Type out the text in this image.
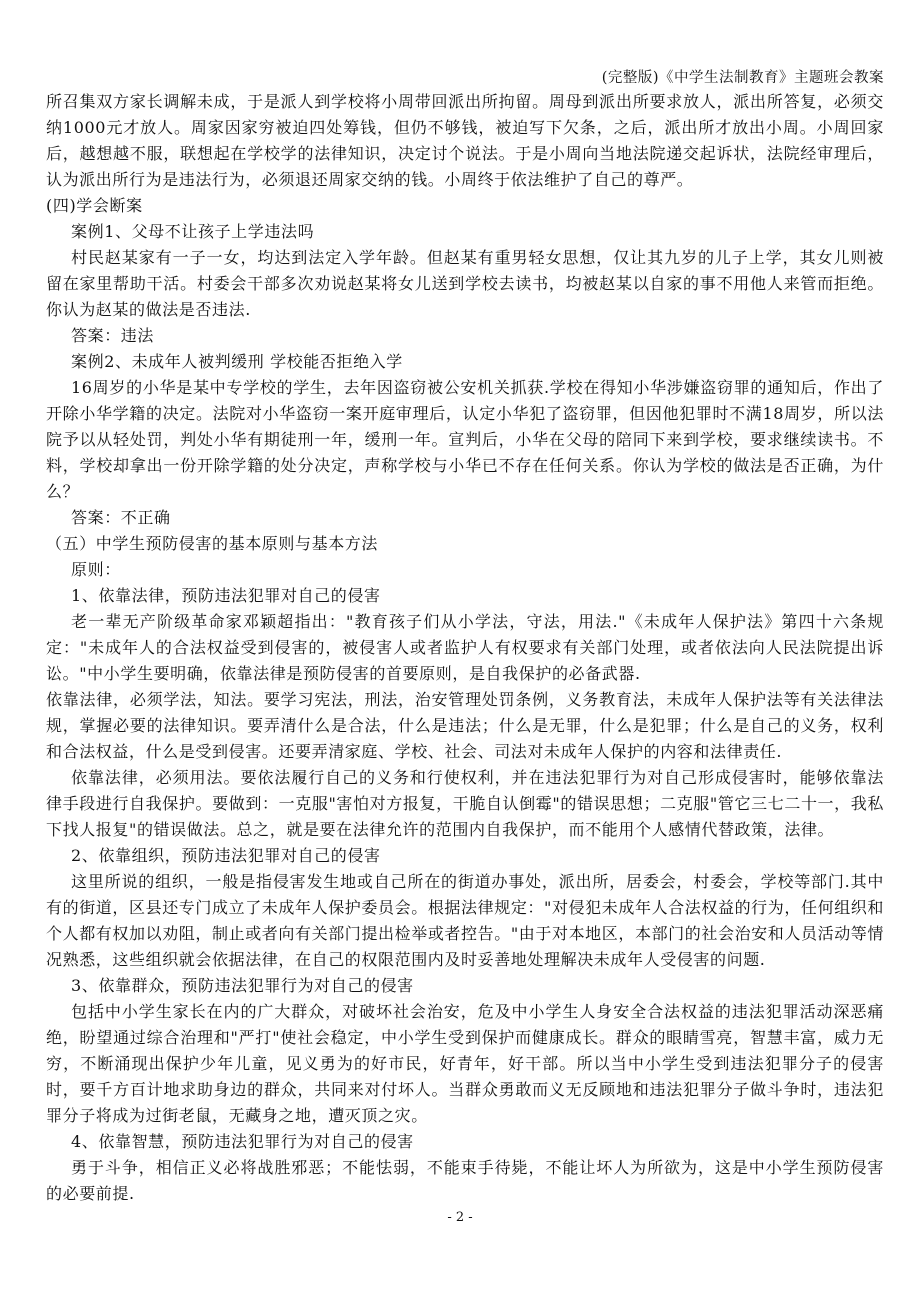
(完整版)《中学生法制教育》主题班会教案

所召集双方家长调解未成，于是派人到学校将小周带回派出所拘留。周母到派出所要求放人，派出所答复，必须交纳1000元才放人。周家因家穷被迫四处筹钱，但仍不够钱，被迫写下欠条，之后，派出所才放出小周。小周回家后，越想越不服，联想起在学校学的法律知识，决定讨个说法。于是小周向当地法院递交起诉状，法院经审理后，认为派出所行为是违法行为，必须退还周家交纳的钱。小周终于依法维护了自己的尊严。

(四)学会断案

案例1、父母不让孩子上学违法吗

村民赵某家有一子一女，均达到法定入学年龄。但赵某有重男轻女思想，仅让其九岁的儿子上学，其女儿则被留在家里帮助干活。村委会干部多次劝说赵某将女儿送到学校去读书，均被赵某以自家的事不用他人来管而拒绝。你认为赵某的做法是否违法.

答案：违法

案例2、未成年人被判缓刑 学校能否拒绝入学

16周岁的小华是某中专学校的学生，去年因盗窃被公安机关抓获.学校在得知小华涉嫌盗窃罪的通知后，作出了开除小华学籍的决定。法院对小华盗窃一案开庭审理后，认定小华犯了盗窃罪，但因他犯罪时不满18周岁，所以法院予以从轻处罚，判处小华有期徒刑一年，缓刑一年。宣判后，小华在父母的陪同下来到学校，要求继续读书。不料，学校却拿出一份开除学籍的处分决定，声称学校与小华已不存在任何关系。你认为学校的做法是否正确，为什么？

答案：不正确

（五）中学生预防侵害的基本原则与基本方法

原则：

1、依靠法律，预防违法犯罪对自己的侵害

老一辈无产阶级革命家邓颖超指出："教育孩子们从小学法，守法，用法."《未成年人保护法》第四十六条规定："未成年人的合法权益受到侵害的，被侵害人或者监护人有权要求有关部门处理，或者依法向人民法院提出诉讼。"中小学生要明确，依靠法律是预防侵害的首要原则，是自我保护的必备武器.

依靠法律，必须学法，知法。要学习宪法，刑法，治安管理处罚条例，义务教育法，未成年人保护法等有关法律法规，掌握必要的法律知识。要弄清什么是合法，什么是违法；什么是无罪，什么是犯罪；什么是自己的义务，权利和合法权益，什么是受到侵害。还要弄清家庭、学校、社会、司法对未成年人保护的内容和法律责任.

依靠法律，必须用法。要依法履行自己的义务和行使权利，并在违法犯罪行为对自己形成侵害时，能够依靠法律手段进行自我保护。要做到：一克服"害怕对方报复，干脆自认倒霉"的错误思想；二克服"管它三七二十一，我私下找人报复"的错误做法。总之，就是要在法律允许的范围内自我保护，而不能用个人感情代替政策，法律。

2、依靠组织，预防违法犯罪对自己的侵害

这里所说的组织，一般是指侵害发生地或自己所在的街道办事处，派出所，居委会，村委会，学校等部门.其中有的街道，区县还专门成立了未成年人保护委员会。根据法律规定："对侵犯未成年人合法权益的行为，任何组织和个人都有权加以劝阻，制止或者向有关部门提出检举或者控告。"由于对本地区，本部门的社会治安和人员活动等情况熟悉，这些组织就会依据法律，在自己的权限范围内及时妥善地处理解决未成年人受侵害的问题.

3、依靠群众，预防违法犯罪行为对自己的侵害

包括中小学生家长在内的广大群众，对破坏社会治安，危及中小学生人身安全合法权益的违法犯罪活动深恶痛绝，盼望通过综合治理和"严打"使社会稳定，中小学生受到保护而健康成长。群众的眼睛雪亮，智慧丰富，威力无穷，不断涌现出保护少年儿童，见义勇为的好市民，好青年，好干部。所以当中小学生受到违法犯罪分子的侵害时，要千方百计地求助身边的群众，共同来对付坏人。当群众勇敢而义无反顾地和违法犯罪分子做斗争时，违法犯罪分子将成为过街老鼠，无藏身之地，遭灭顶之灾。

4、依靠智慧，预防违法犯罪行为对自己的侵害

勇于斗争，相信正义必将战胜邪恶；不能怯弱，不能束手待毙，不能让坏人为所欲为，这是中小学生预防侵害的必要前提.

- 2 -
